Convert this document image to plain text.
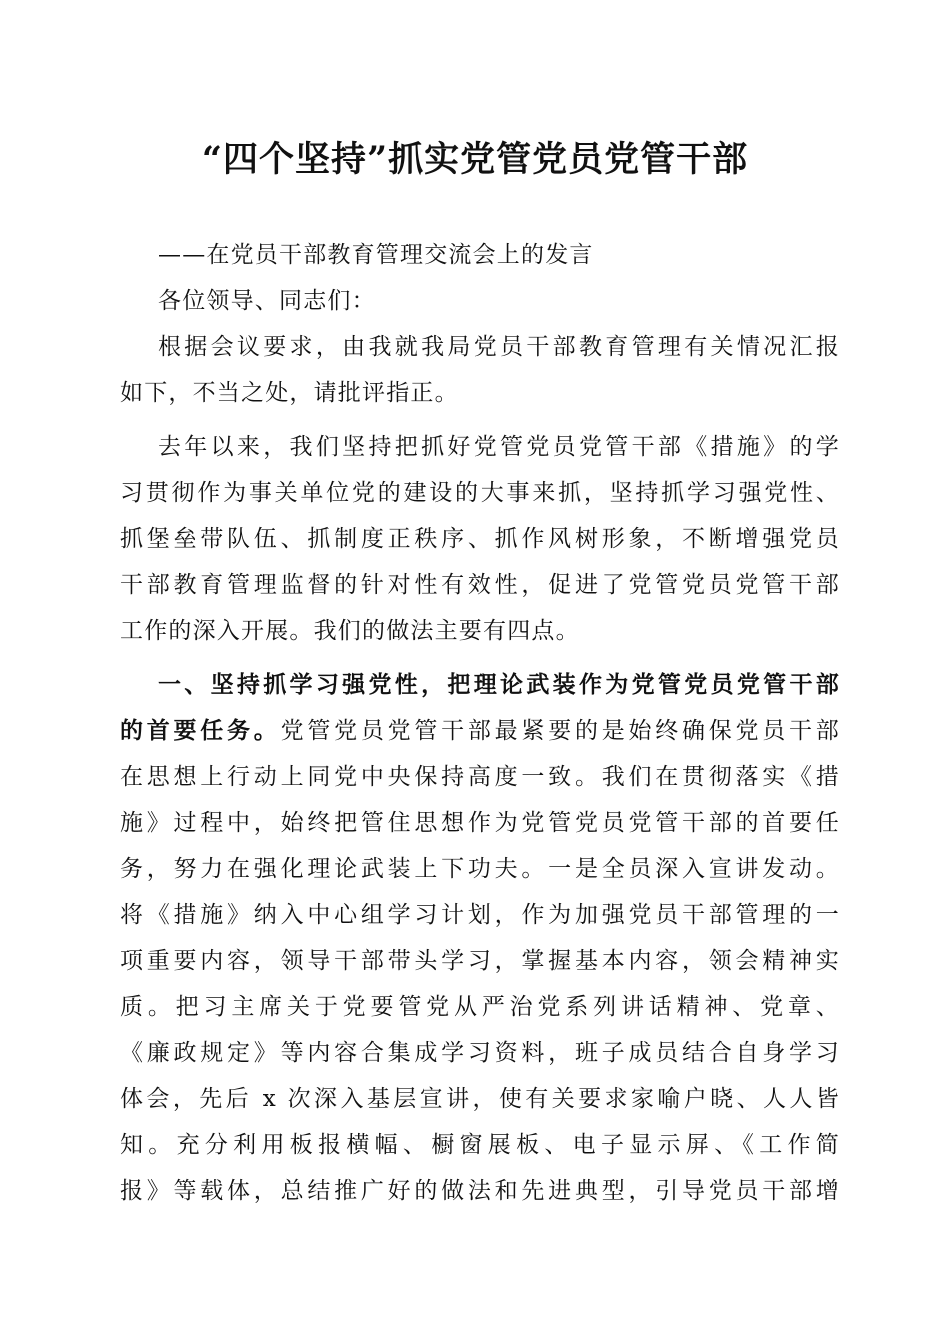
“四个坚持”抓实党管党员党管干部
——在党员干部教育管理交流会上的发言
各位领导、同志们：
根据会议要求，由我就我局党员干部教育管理有关情况汇报
如下，不当之处，请批评指正。
去年以来，我们坚持把抓好党管党员党管干部《措施》的学
习贯彻作为事关单位党的建设的大事来抓，坚持抓学习强党性、
抓堡垒带队伍、抓制度正秩序、抓作风树形象，不断增强党员
干部教育管理监督的针对性有效性，促进了党管党员党管干部
工作的深入开展。我们的做法主要有四点。
一、坚持抓学习强党性，把理论武装作为党管党员党管干部
的首要任务。党管党员党管干部最紧要的是始终确保党员干部
在思想上行动上同党中央保持高度一致。我们在贯彻落实《措
施》过程中，始终把管住思想作为党管党员党管干部的首要任
务，努力在强化理论武装上下功夫。一是全员深入宣讲发动。
将《措施》纳入中心组学习计划，作为加强党员干部管理的一
项重要内容，领导干部带头学习，掌握基本内容，领会精神实
质。把习主席关于党要管党从严治党系列讲话精神、党章、
《廉政规定》等内容合集成学习资料，班子成员结合自身学习
体会，先后 x 次深入基层宣讲，使有关要求家喻户晓、人人皆
知。充分利用板报横幅、橱窗展板、电子显示屏、《工作简
报》等载体，总结推广好的做法和先进典型，引导党员干部增
